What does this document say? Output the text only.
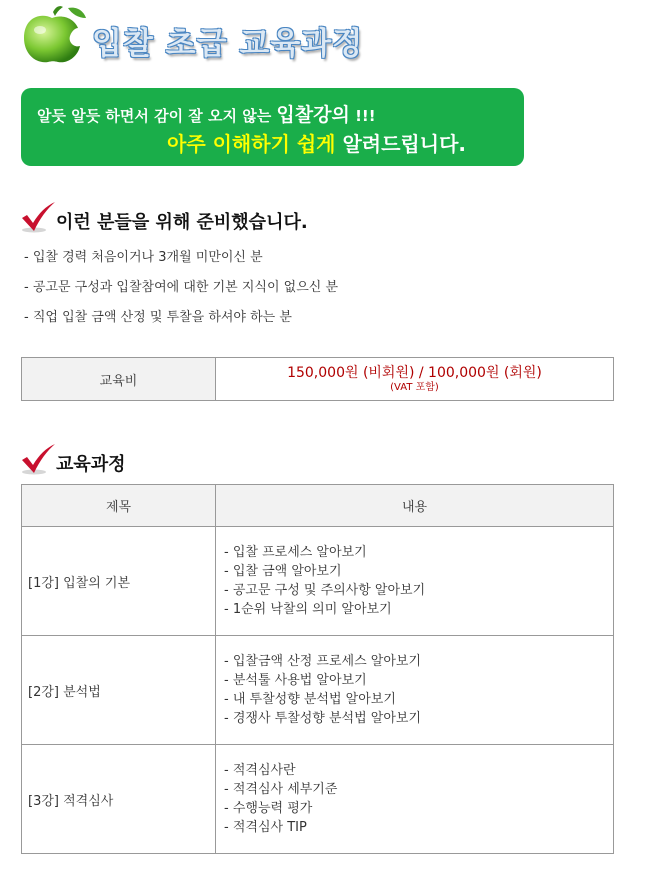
입찰 초급 교육과정
알듯 알듯 하면서 감이 잘 오지 않는 입찰강의 !!!
아주 이해하기 쉽게 알려드립니다.
이런 분들을 위해 준비했습니다.
- 입찰 경력 처음이거나 3개월 미만이신 분
- 공고문 구성과 입찰참여에 대한 기본 지식이 없으신 분
- 직업 입찰 금액 산정 및 투찰을 하셔야 하는 분
교육비	150,000원 (비회원) / 100,000원 (회원)
(VAT 포함)
교육과정
제목	내용
[1강] 입찰의 기본	- 입찰 프로세스 알아보기
- 입찰 금액 알아보기
- 공고문 구성 및 주의사항 알아보기
- 1순위 낙찰의 의미 알아보기

[2강] 분석법	- 입찰금액 산정 프로세스 알아보기
- 분석툴 사용법 알아보기
- 내 투찰성향 분석법 알아보기
- 경쟁사 투찰성향 분석법 알아보기

[3강] 적격심사	- 적격심사란
- 적격심사 세부기준
- 수행능력 평가
- 적격심사 TIP
